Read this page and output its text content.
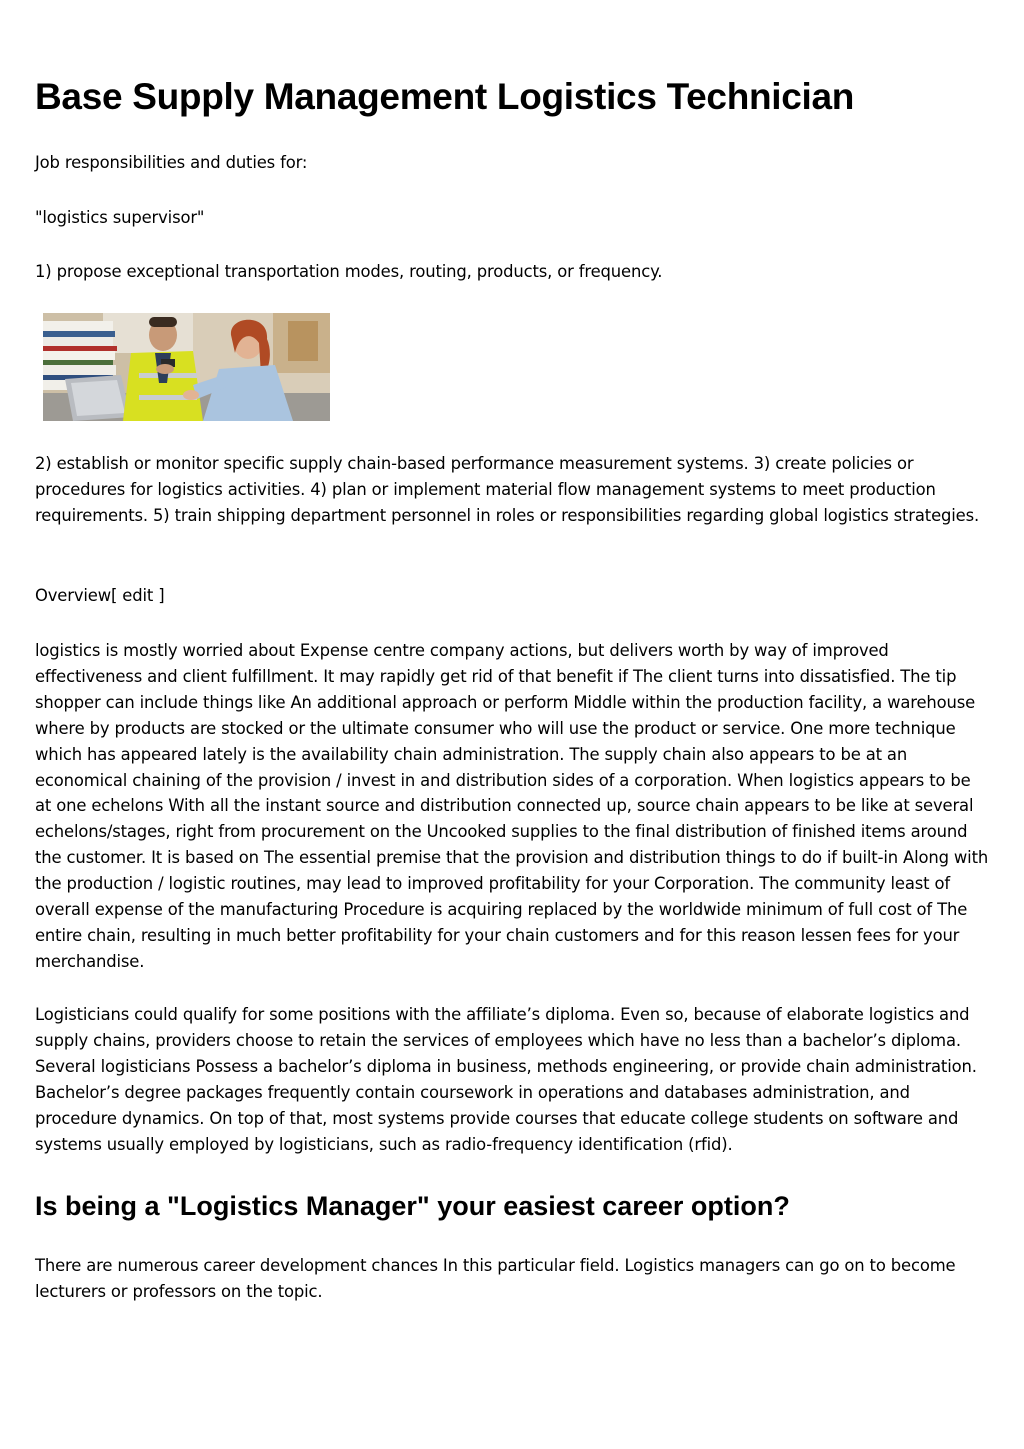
Base Supply Management Logistics Technician

Job responsibilities and duties for:

"logistics supervisor"

1) propose exceptional transportation modes, routing, products, or frequency.

2) establish or monitor specific supply chain-based performance measurement systems. 3) create policies or procedures for logistics activities. 4) plan or implement material flow management systems to meet production requirements. 5) train shipping department personnel in roles or responsibilities regarding global logistics strategies.

Overview[ edit ]

logistics is mostly worried about Expense centre company actions, but delivers worth by way of improved effectiveness and client fulfillment. It may rapidly get rid of that benefit if The client turns into dissatisfied. The tip shopper can include things like An additional approach or perform Middle within the production facility, a warehouse where by products are stocked or the ultimate consumer who will use the product or service. One more technique which has appeared lately is the availability chain administration. The supply chain also appears to be at an economical chaining of the provision / invest in and distribution sides of a corporation. When logistics appears to be at one echelons With all the instant source and distribution connected up, source chain appears to be like at several echelons/stages, right from procurement on the Uncooked supplies to the final distribution of finished items around the customer. It is based on The essential premise that the provision and distribution things to do if built-in Along with the production / logistic routines, may lead to improved profitability for your Corporation. The community least of overall expense of the manufacturing Procedure is acquiring replaced by the worldwide minimum of full cost of The entire chain, resulting in much better profitability for your chain customers and for this reason lessen fees for your merchandise.

Logisticians could qualify for some positions with the affiliate’s diploma. Even so, because of elaborate logistics and supply chains, providers choose to retain the services of employees which have no less than a bachelor’s diploma. Several logisticians Possess a bachelor’s diploma in business, methods engineering, or provide chain administration. Bachelor’s degree packages frequently contain coursework in operations and databases administration, and procedure dynamics. On top of that, most systems provide courses that educate college students on software and systems usually employed by logisticians, such as radio-frequency identification (rfid).

Is being a "Logistics Manager" your easiest career option?

There are numerous career development chances In this particular field. Logistics managers can go on to become lecturers or professors on the topic.
